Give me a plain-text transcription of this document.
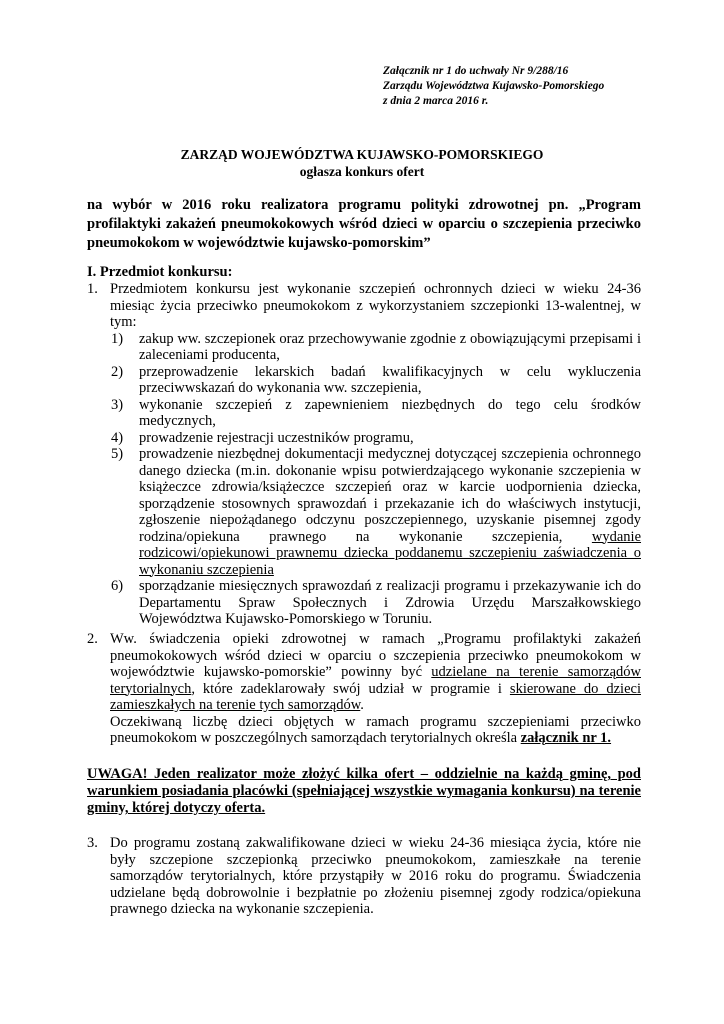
Załącznik nr 1 do uchwały Nr 9/288/16
Zarządu Województwa Kujawsko-Pomorskiego
z dnia 2 marca 2016 r.
ZARZĄD WOJEWÓDZTWA KUJAWSKO-POMORSKIEGO
ogłasza konkurs ofert
na wybór w 2016 roku realizatora programu polityki zdrowotnej pn. „Program profilaktyki zakażeń pneumokokowych wśród dzieci w oparciu o szczepienia przeciwko pneumokokom w województwie kujawsko-pomorskim”
I. Przedmiot konkursu:
1. Przedmiotem konkursu jest wykonanie szczepień ochronnych dzieci w wieku 24-36 miesiąc życia przeciwko pneumokokom z wykorzystaniem szczepionki 13-walentnej, w tym:
1) zakup ww. szczepionek oraz przechowywanie zgodnie z obowiązującymi przepisami i zaleceniami producenta,
2) przeprowadzenie lekarskich badań kwalifikacyjnych w celu wykluczenia przeciwwskazań do wykonania ww. szczepienia,
3) wykonanie szczepień z zapewnieniem niezbędnych do tego celu środków medycznych,
4) prowadzenie rejestracji uczestników programu,
5) prowadzenie niezbędnej dokumentacji medycznej dotyczącej szczepienia ochronnego danego dziecka (m.in. dokonanie wpisu potwierdzającego wykonanie szczepienia w książeczce zdrowia/książeczce szczepień oraz w karcie uodpornienia dziecka, sporządzenie stosownych sprawozdań i przekazanie ich do właściwych instytucji, zgłoszenie niepożądanego odczynu poszczepiennego, uzyskanie pisemnej zgody rodzina/opiekuna prawnego na wykonanie szczepienia, wydanie rodzicowi/opiekunowi prawnemu dziecka poddanemu szczepieniu zaświadczenia o wykonaniu szczepienia
6) sporządzanie miesięcznych sprawozdań z realizacji programu i przekazywanie ich do Departamentu Spraw Społecznych i Zdrowia Urzędu Marszałkowskiego Województwa Kujawsko-Pomorskiego w Toruniu.
2. Ww. świadczenia opieki zdrowotnej w ramach „Programu profilaktyki zakażeń pneumokokowych wśród dzieci w oparciu o szczepienia przeciwko pneumokokom w województwie kujawsko-pomorskie” powinny być udzielane na terenie samorządów terytorialnych, które zadeklarowały swój udział w programie i skierowane do dzieci zamieszkałych na terenie tych samorządów.
Oczekiwaną liczbę dzieci objętych w ramach programu szczepieniami przeciwko pneumokokom w poszczególnych samorządach terytorialnych określa załącznik nr 1.
UWAGA! Jeden realizator może złożyć kilka ofert – oddzielnie na każdą gminę, pod warunkiem posiadania placówki (spełniającej wszystkie wymagania konkursu) na terenie gminy, której dotyczy oferta.
3. Do programu zostaną zakwalifikowane dzieci w wieku 24-36 miesiąca życia, które nie były szczepione szczepionką przeciwko pneumokokom, zamieszkałe na terenie samorządów terytorialnych, które przystąpiły w 2016 roku do programu. Świadczenia udzielane będą dobrowolnie i bezpłatnie po złożeniu pisemnej zgody rodzica/opiekuna prawnego dziecka na wykonanie szczepienia.
